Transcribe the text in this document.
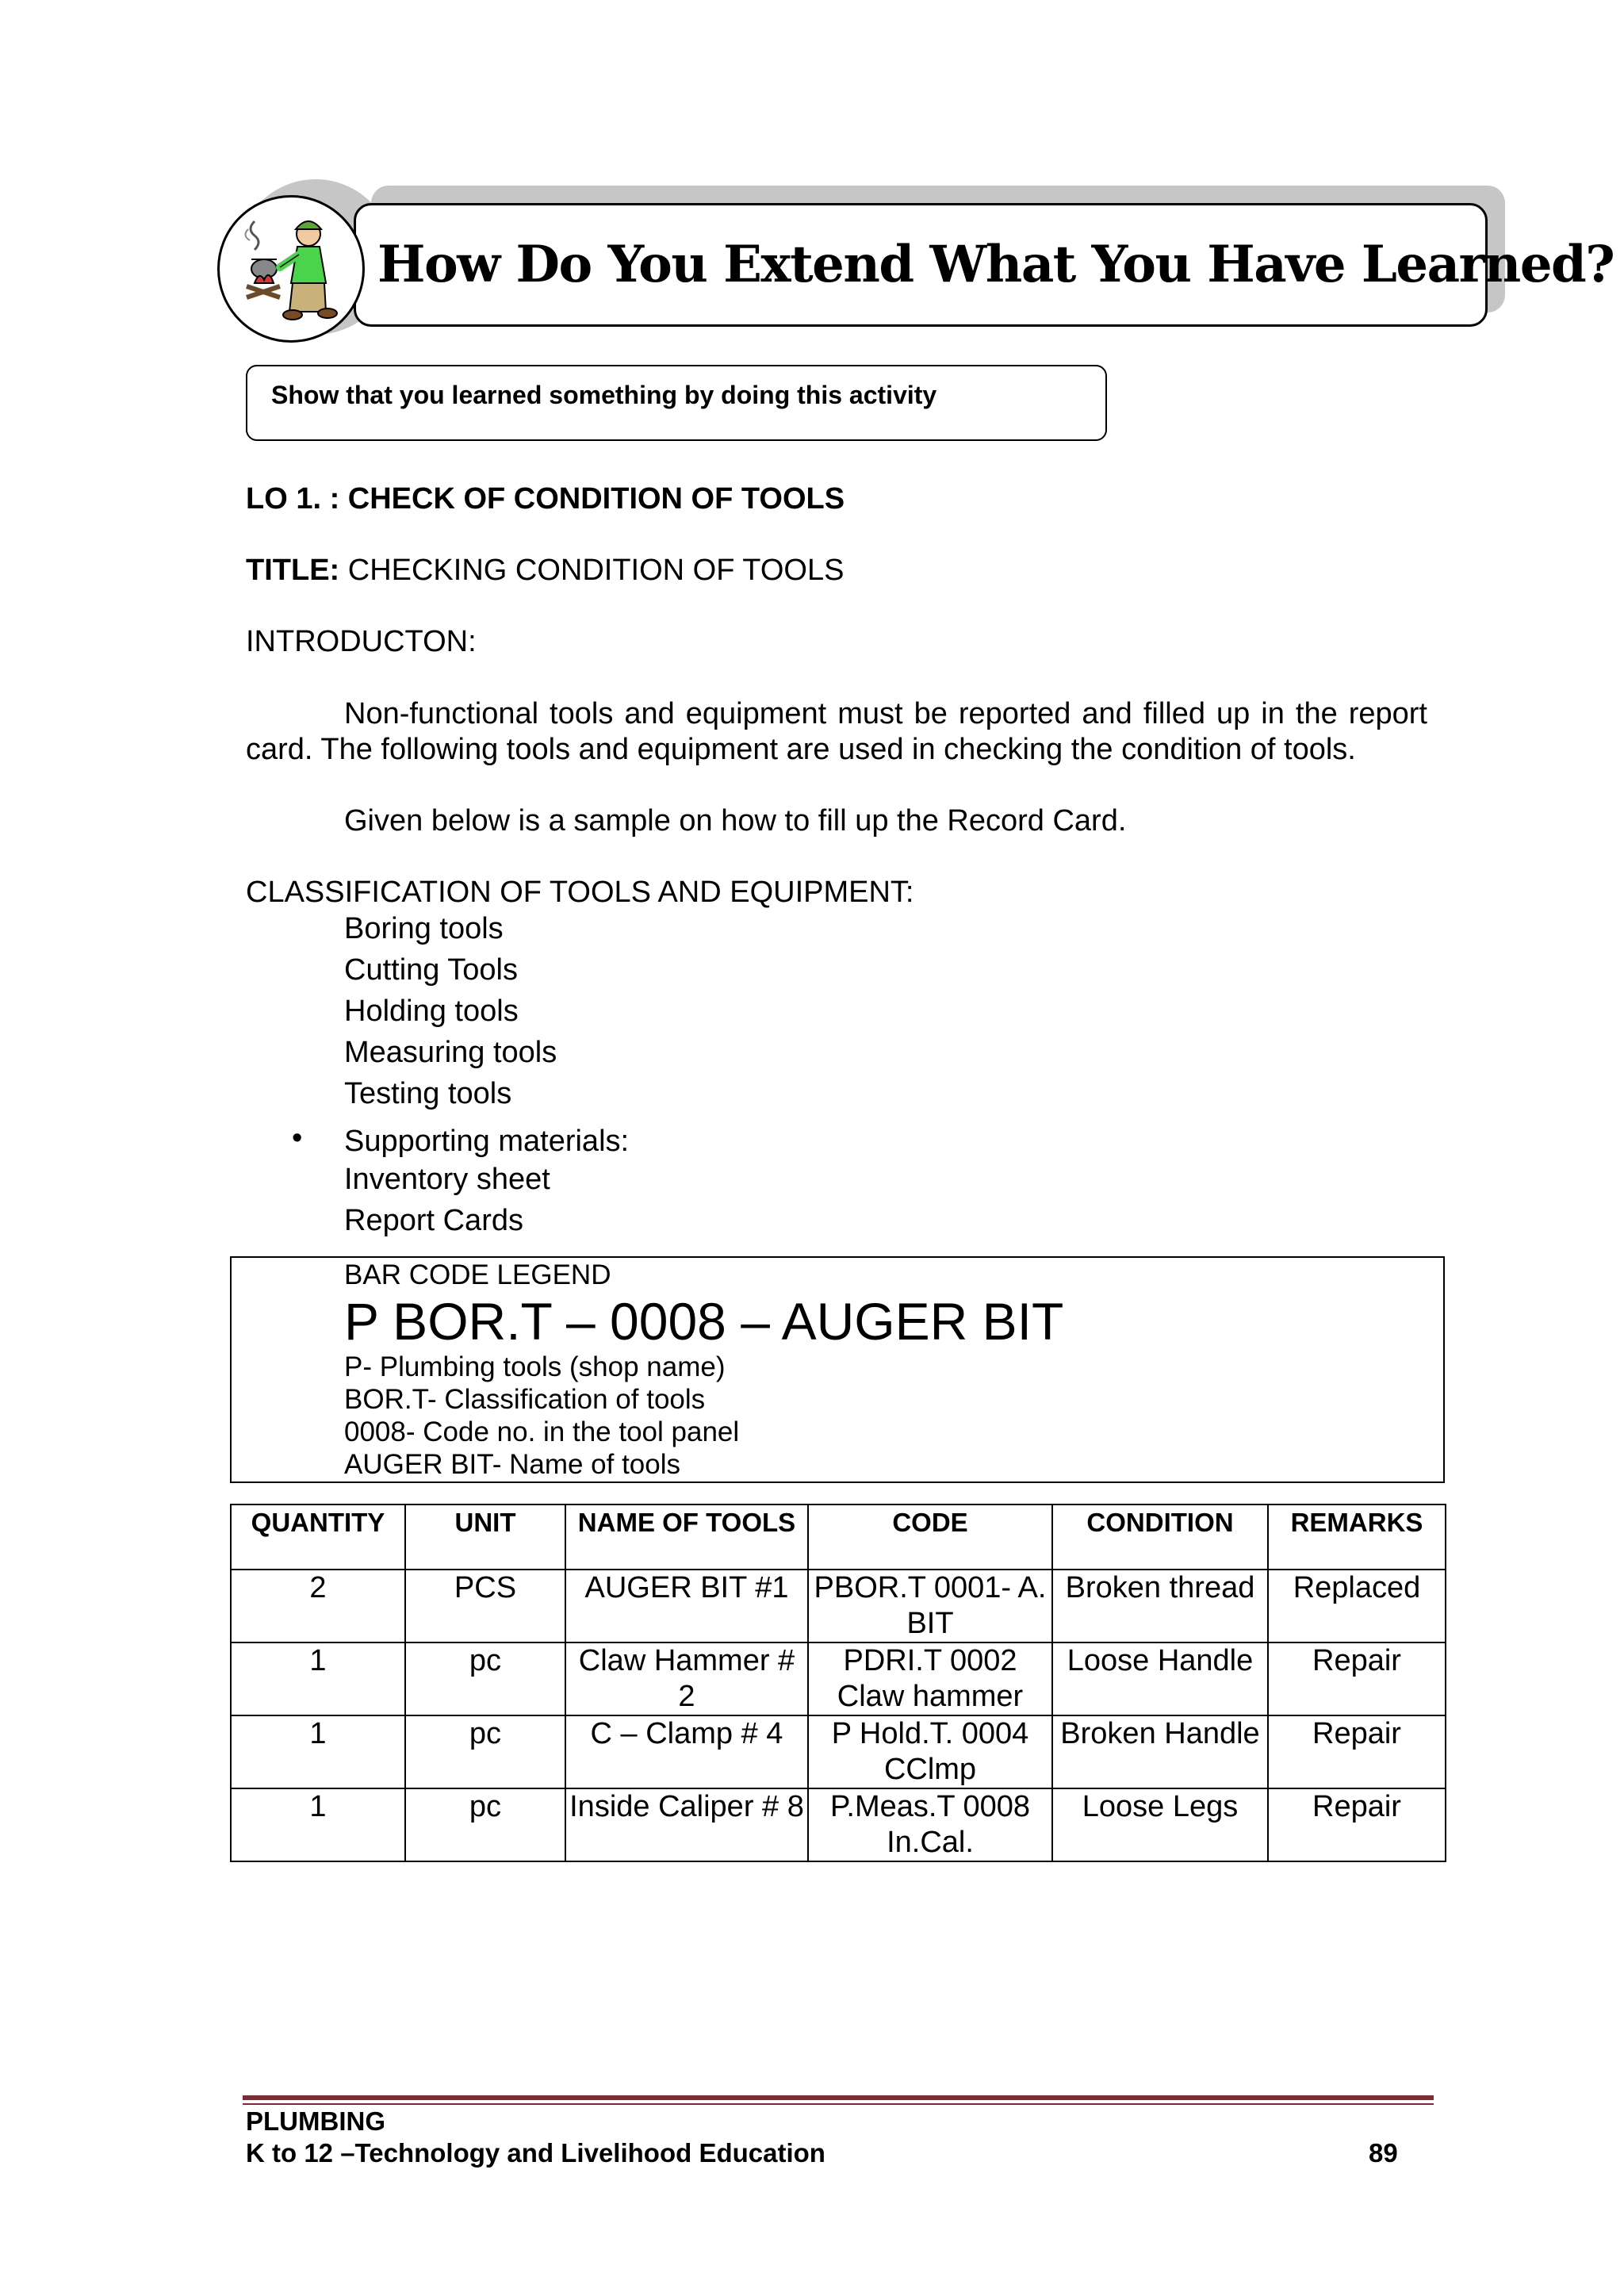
How Do You Extend What You Have Learned?
Show that you learned something by doing this activity
LO 1. : CHECK OF CONDITION OF TOOLS
TITLE: CHECKING CONDITION OF TOOLS
INTRODUCTON:
Non-functional tools and equipment must be reported and filled up in the report card. The following tools and equipment are used in checking the condition of tools.
Given below is a sample on how to fill up the Record Card.
CLASSIFICATION OF TOOLS AND EQUIPMENT:
Boring tools
Cutting Tools
Holding tools
Measuring tools
Testing tools
• Supporting materials:
Inventory sheet
Report Cards
BAR CODE LEGEND
P BOR.T – 0008 – AUGER BIT
P- Plumbing tools (shop name)
BOR.T- Classification of tools
0008- Code no. in the tool panel
AUGER BIT- Name of tools
QUANTITY	UNIT	NAME OF TOOLS	CODE	CONDITION	REMARKS
2	PCS	AUGER BIT #1	PBOR.T 0001- A. BIT	Broken thread	Replaced
1	pc	Claw Hammer # 2	PDRI.T 0002 Claw hammer	Loose Handle	Repair
1	pc	C – Clamp # 4	P Hold.T. 0004 CClmp	Broken Handle	Repair
1	pc	Inside Caliper # 8	P.Meas.T 0008 In.Cal.	Loose Legs	Repair
PLUMBING
K to 12 –Technology and Livelihood Education	89
